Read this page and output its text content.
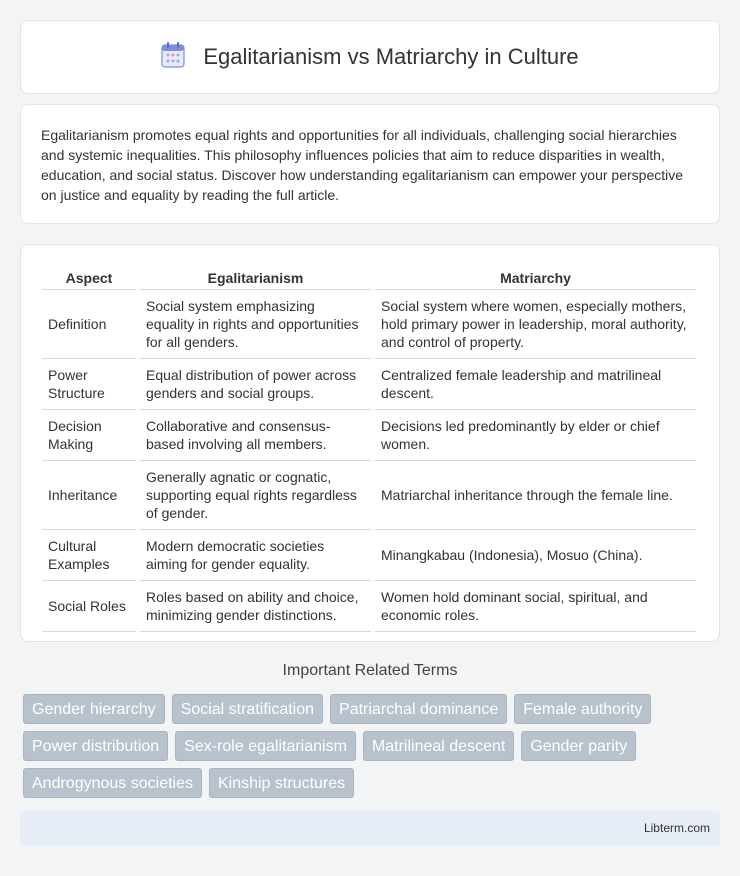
Egalitarianism vs Matriarchy in Culture

Egalitarianism promotes equal rights and opportunities for all individuals, challenging social hierarchies and systemic inequalities. This philosophy influences policies that aim to reduce disparities in wealth, education, and social status. Discover how understanding egalitarianism can empower your perspective on justice and equality by reading the full article.

Aspect	Egalitarianism	Matriarchy
Definition	Social system emphasizing equality in rights and opportunities for all genders.	Social system where women, especially mothers, hold primary power in leadership, moral authority, and control of property.
Power Structure	Equal distribution of power across genders and social groups.	Centralized female leadership and matrilineal descent.
Decision Making	Collaborative and consensus-based involving all members.	Decisions led predominantly by elder or chief women.
Inheritance	Generally agnatic or cognatic, supporting equal rights regardless of gender.	Matriarchal inheritance through the female line.
Cultural Examples	Modern democratic societies aiming for gender equality.	Minangkabau (Indonesia), Mosuo (China).
Social Roles	Roles based on ability and choice, minimizing gender distinctions.	Women hold dominant social, spiritual, and economic roles.
Important Related Terms
Gender hierarchy	Social stratification	Patriarchal dominance	Female authority
Power distribution	Sex-role egalitarianism	Matrilineal descent	Gender parity
Androgynous societies	Kinship structures
Libterm.com
